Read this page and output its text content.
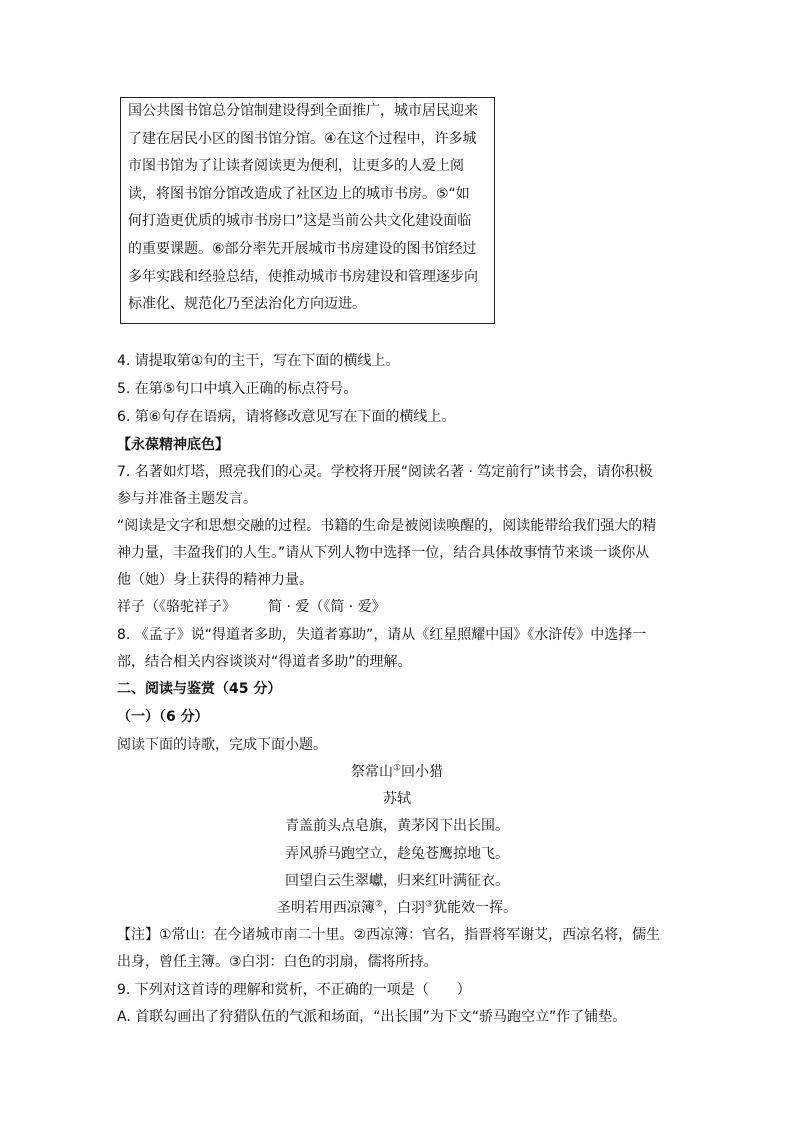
国公共图书馆总分馆制建设得到全面推广，城市居民迎来
了建在居民小区的图书馆分馆。④在这个过程中，许多城
市图书馆为了让读者阅读更为便利，让更多的人爱上阅
读，将图书馆分馆改造成了社区边上的城市书房。⑤“如
何打造更优质的城市书房口”这是当前公共文化建设面临
的重要课题。⑥部分率先开展城市书房建设的图书馆经过
多年实践和经验总结，使推动城市书房建设和管理逐步向
标准化、规范化乃至法治化方向迈进。
4. 请提取第①句的主干，写在下面的横线上。
5. 在第⑤句口中填入正确的标点符号。
6. 第⑥句存在语病，请将修改意见写在下面的横线上。
【永葆精神底色】
7. 名著如灯塔，照亮我们的心灵。学校将开展“阅读名著 · 笃定前行”读书会，请你积极
参与并准备主题发言。
“阅读是文字和思想交融的过程。书籍的生命是被阅读唤醒的，阅读能带给我们强大的精
神力量，丰盈我们的人生。”请从下列人物中选择一位，结合具体故事情节来谈一谈你从
他（她）身上获得的精神力量。
祥子（《骆驼祥子》 简 · 爱（《简 · 爱》
8. 《孟子》说“得道者多助，失道者寡助”，请从《红星照耀中国》《水浒传》中选择一
部，结合相关内容谈谈对“得道者多助”的理解。
二、阅读与鉴赏（45 分）
（一）（6 分）
阅读下面的诗歌，完成下面小题。
祭常山①回小猎
苏轼
青盖前头点皂旗，黄茅冈下出长围。
弄风骄马跑空立，趁兔苍鹰掠地飞。
回望白云生翠巘，归来红叶满征衣。
圣明若用西凉簿②，白羽③犹能效一挥。
【注】①常山：在今诸城市南二十里。②西凉簿：官名，指晋将军谢艾，西凉名将，儒生
出身，曾任主簿。③白羽：白色的羽扇，儒将所持。
9. 下列对这首诗的理解和赏析，不正确的一项是（　　）
A. 首联勾画出了狩猎队伍的气派和场面，“出长围”为下文“骄马跑空立”作了铺垫。
